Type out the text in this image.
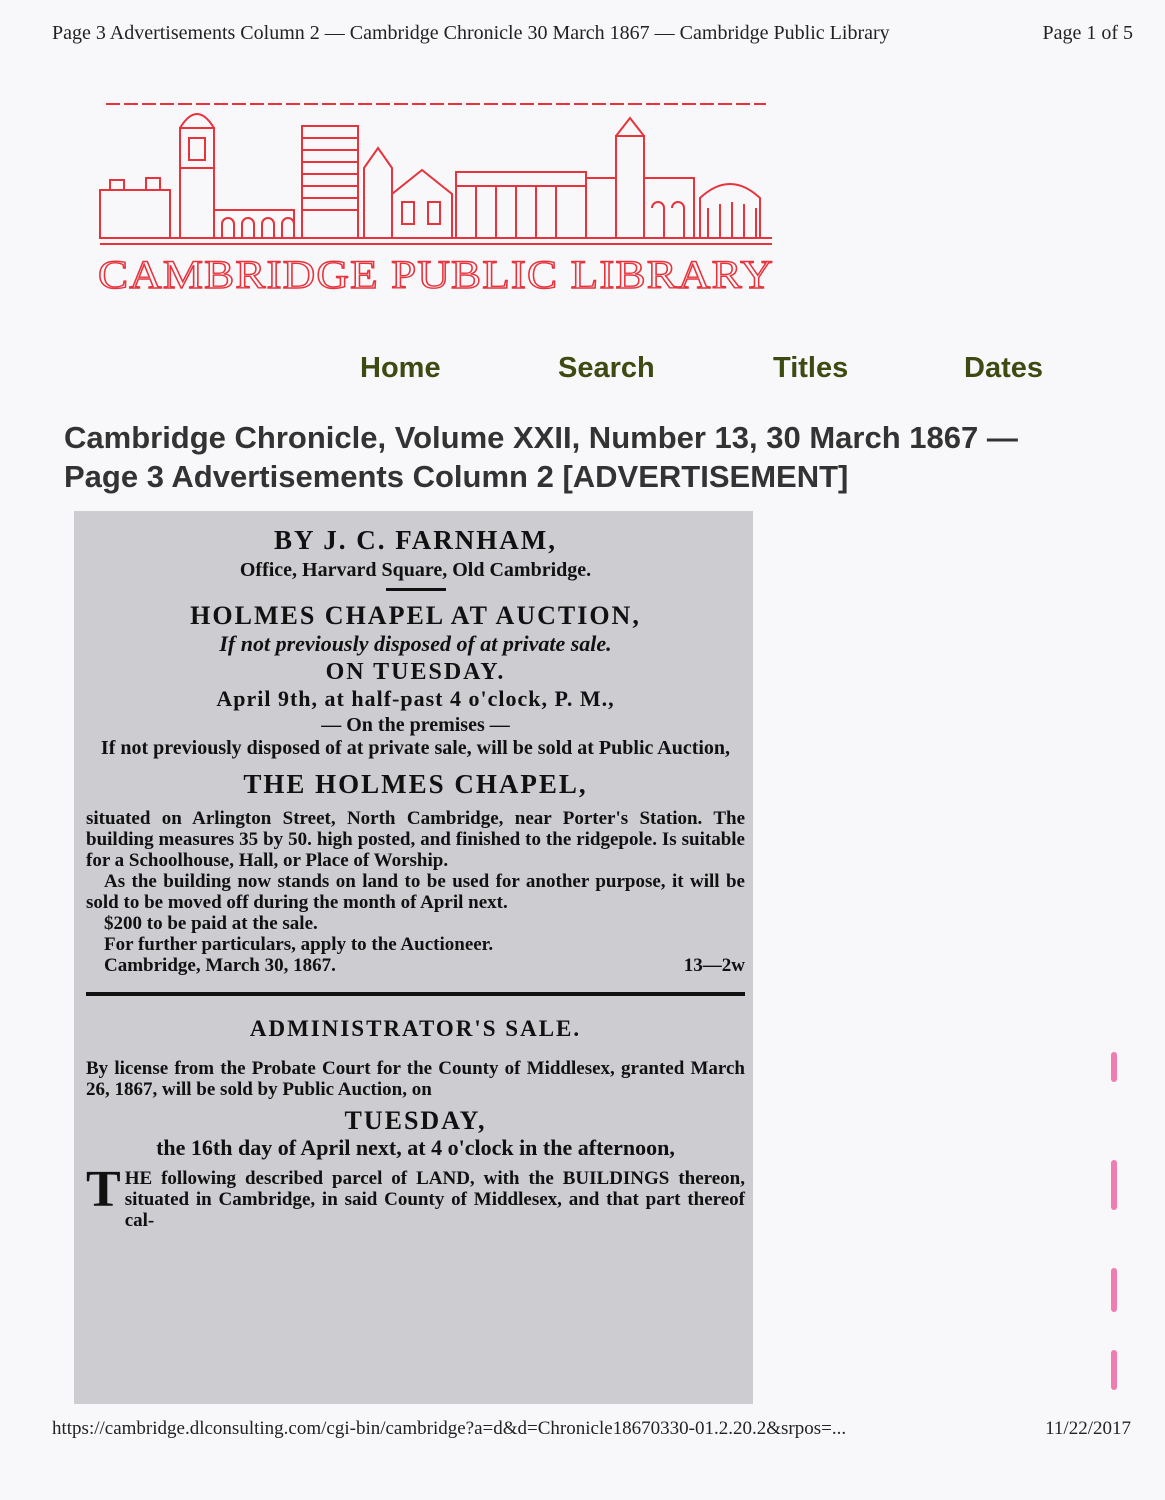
Page 3 Advertisements Column 2 — Cambridge Chronicle 30 March 1867 — Cambridge Public Library	Page 1 of 5
CAMBRIDGE PUBLIC LIBRARY
Home	Search	Titles	Dates
Cambridge Chronicle, Volume XXII, Number 13, 30 March 1867 —
Page 3 Advertisements Column 2 [ADVERTISEMENT]
BY J. C. FARNHAM,
Office, Harvard Square, Old Cambridge.
HOLMES CHAPEL AT AUCTION,
If not previously disposed of at private sale.
ON TUESDAY.
April 9th, at half-past 4 o'clock, P. M.,
— On the premises —
If not previously disposed of at private sale, will be sold at Public Auction,
THE HOLMES CHAPEL,

situated on Arlington Street, North Cambridge, near Porter's Station. The building measures 35 by 50. high posted, and finished to the ridgepole. Is suitable for a Schoolhouse, Hall, or Place of Worship.

As the building now stands on land to be used for another purpose, it will be sold to be moved off during the month of April next.

$200 to be paid at the sale.

For further particulars, apply to the Auctioneer.

Cambridge, March 30, 1867.	13—2w
ADMINISTRATOR'S SALE.

By license from the Probate Court for the County of Middlesex, granted March 26, 1867, will be sold by Public Auction, on

TUESDAY,
the 16th day of April next, at 4 o'clock in the afternoon,

THE following described parcel of LAND, with the BUILDINGS thereon, situated in Cambridge, in said County of Middlesex, and that part thereof cal-

https://cambridge.dlconsulting.com/cgi-bin/cambridge?a=d&d=Chronicle18670330-01.2.20.2&srpos=...	11/22/2017
